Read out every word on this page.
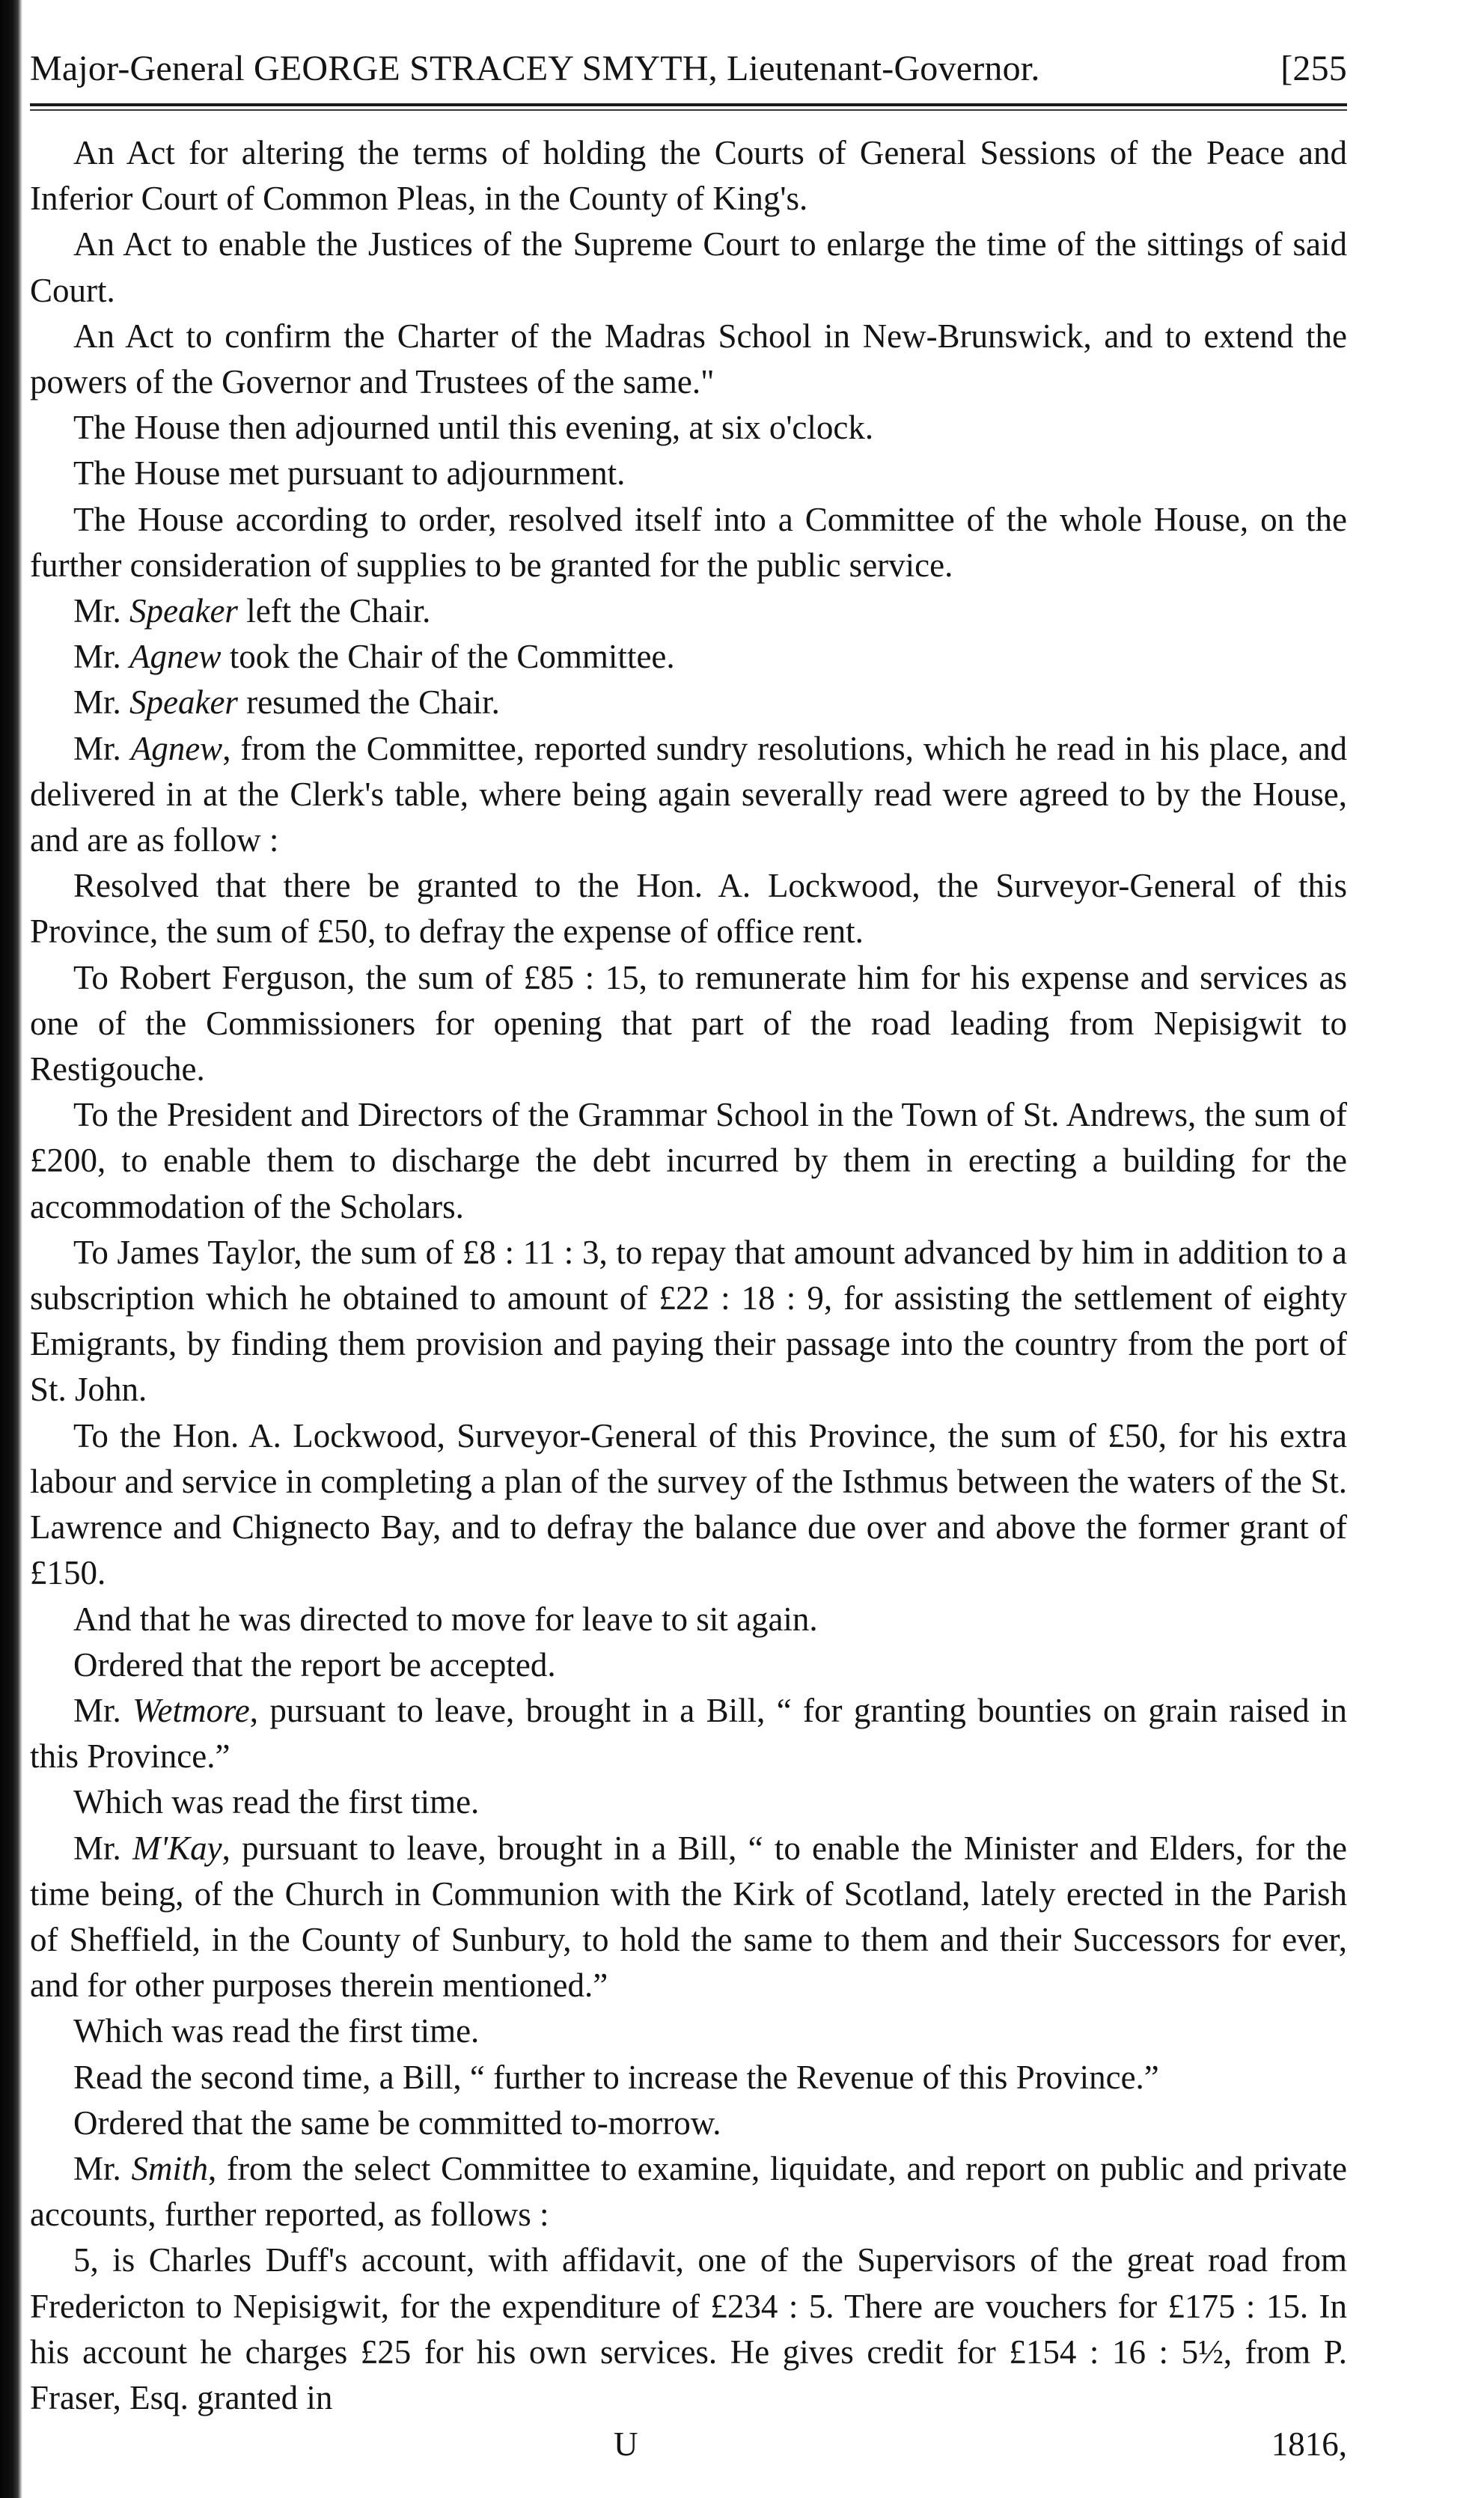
Major-General GEORGE STRACEY SMYTH, Lieutenant-Governor.	[255

An Act for altering the terms of holding the Courts of General Sessions of the Peace and Inferior Court of Common Pleas, in the County of King's.

An Act to enable the Justices of the Supreme Court to enlarge the time of the sittings of said Court.

An Act to confirm the Charter of the Madras School in New-Brunswick, and to extend the powers of the Governor and Trustees of the same."

The House then adjourned until this evening, at six o'clock.

The House met pursuant to adjournment.

The House according to order, resolved itself into a Committee of the whole House, on the further consideration of supplies to be granted for the public service.

Mr. Speaker left the Chair.

Mr. Agnew took the Chair of the Committee.

Mr. Speaker resumed the Chair.

Mr. Agnew, from the Committee, reported sundry resolutions, which he read in his place, and delivered in at the Clerk's table, where being again severally read were agreed to by the House, and are as follow :

Resolved that there be granted to the Hon. A. Lockwood, the Surveyor-General of this Province, the sum of £50, to defray the expense of office rent.

To Robert Ferguson, the sum of £85 : 15, to remunerate him for his expense and services as one of the Commissioners for opening that part of the road leading from Nepisigwit to Restigouche.

To the President and Directors of the Grammar School in the Town of St. Andrews, the sum of £200, to enable them to discharge the debt incurred by them in erecting a building for the accommodation of the Scholars.

To James Taylor, the sum of £8 : 11 : 3, to repay that amount advanced by him in addition to a subscription which he obtained to amount of £22 : 18 : 9, for assisting the settlement of eighty Emigrants, by finding them provision and paying their passage into the country from the port of St. John.

To the Hon. A. Lockwood, Surveyor-General of this Province, the sum of £50, for his extra labour and service in completing a plan of the survey of the Isthmus between the waters of the St. Lawrence and Chignecto Bay, and to defray the balance due over and above the former grant of £150.

And that he was directed to move for leave to sit again.

Ordered that the report be accepted.

Mr. Wetmore, pursuant to leave, brought in a Bill, “ for granting bounties on grain raised in this Province.”

Which was read the first time.

Mr. M'Kay, pursuant to leave, brought in a Bill, “ to enable the Minister and Elders, for the time being, of the Church in Communion with the Kirk of Scotland, lately erected in the Parish of Sheffield, in the County of Sunbury, to hold the same to them and their Successors for ever, and for other purposes therein mentioned.”

Which was read the first time.

Read the second time, a Bill, “ further to increase the Revenue of this Province.”

Ordered that the same be committed to-morrow.

Mr. Smith, from the select Committee to examine, liquidate, and report on public and private accounts, further reported, as follows :

5, is Charles Duff's account, with affidavit, one of the Supervisors of the great road from Fredericton to Nepisigwit, for the expenditure of £234 : 5. There are vouchers for £175 : 15. In his account he charges £25 for his own services. He gives credit for £154 : 16 : 5½, from P. Fraser, Esq. granted in

U	1816,
